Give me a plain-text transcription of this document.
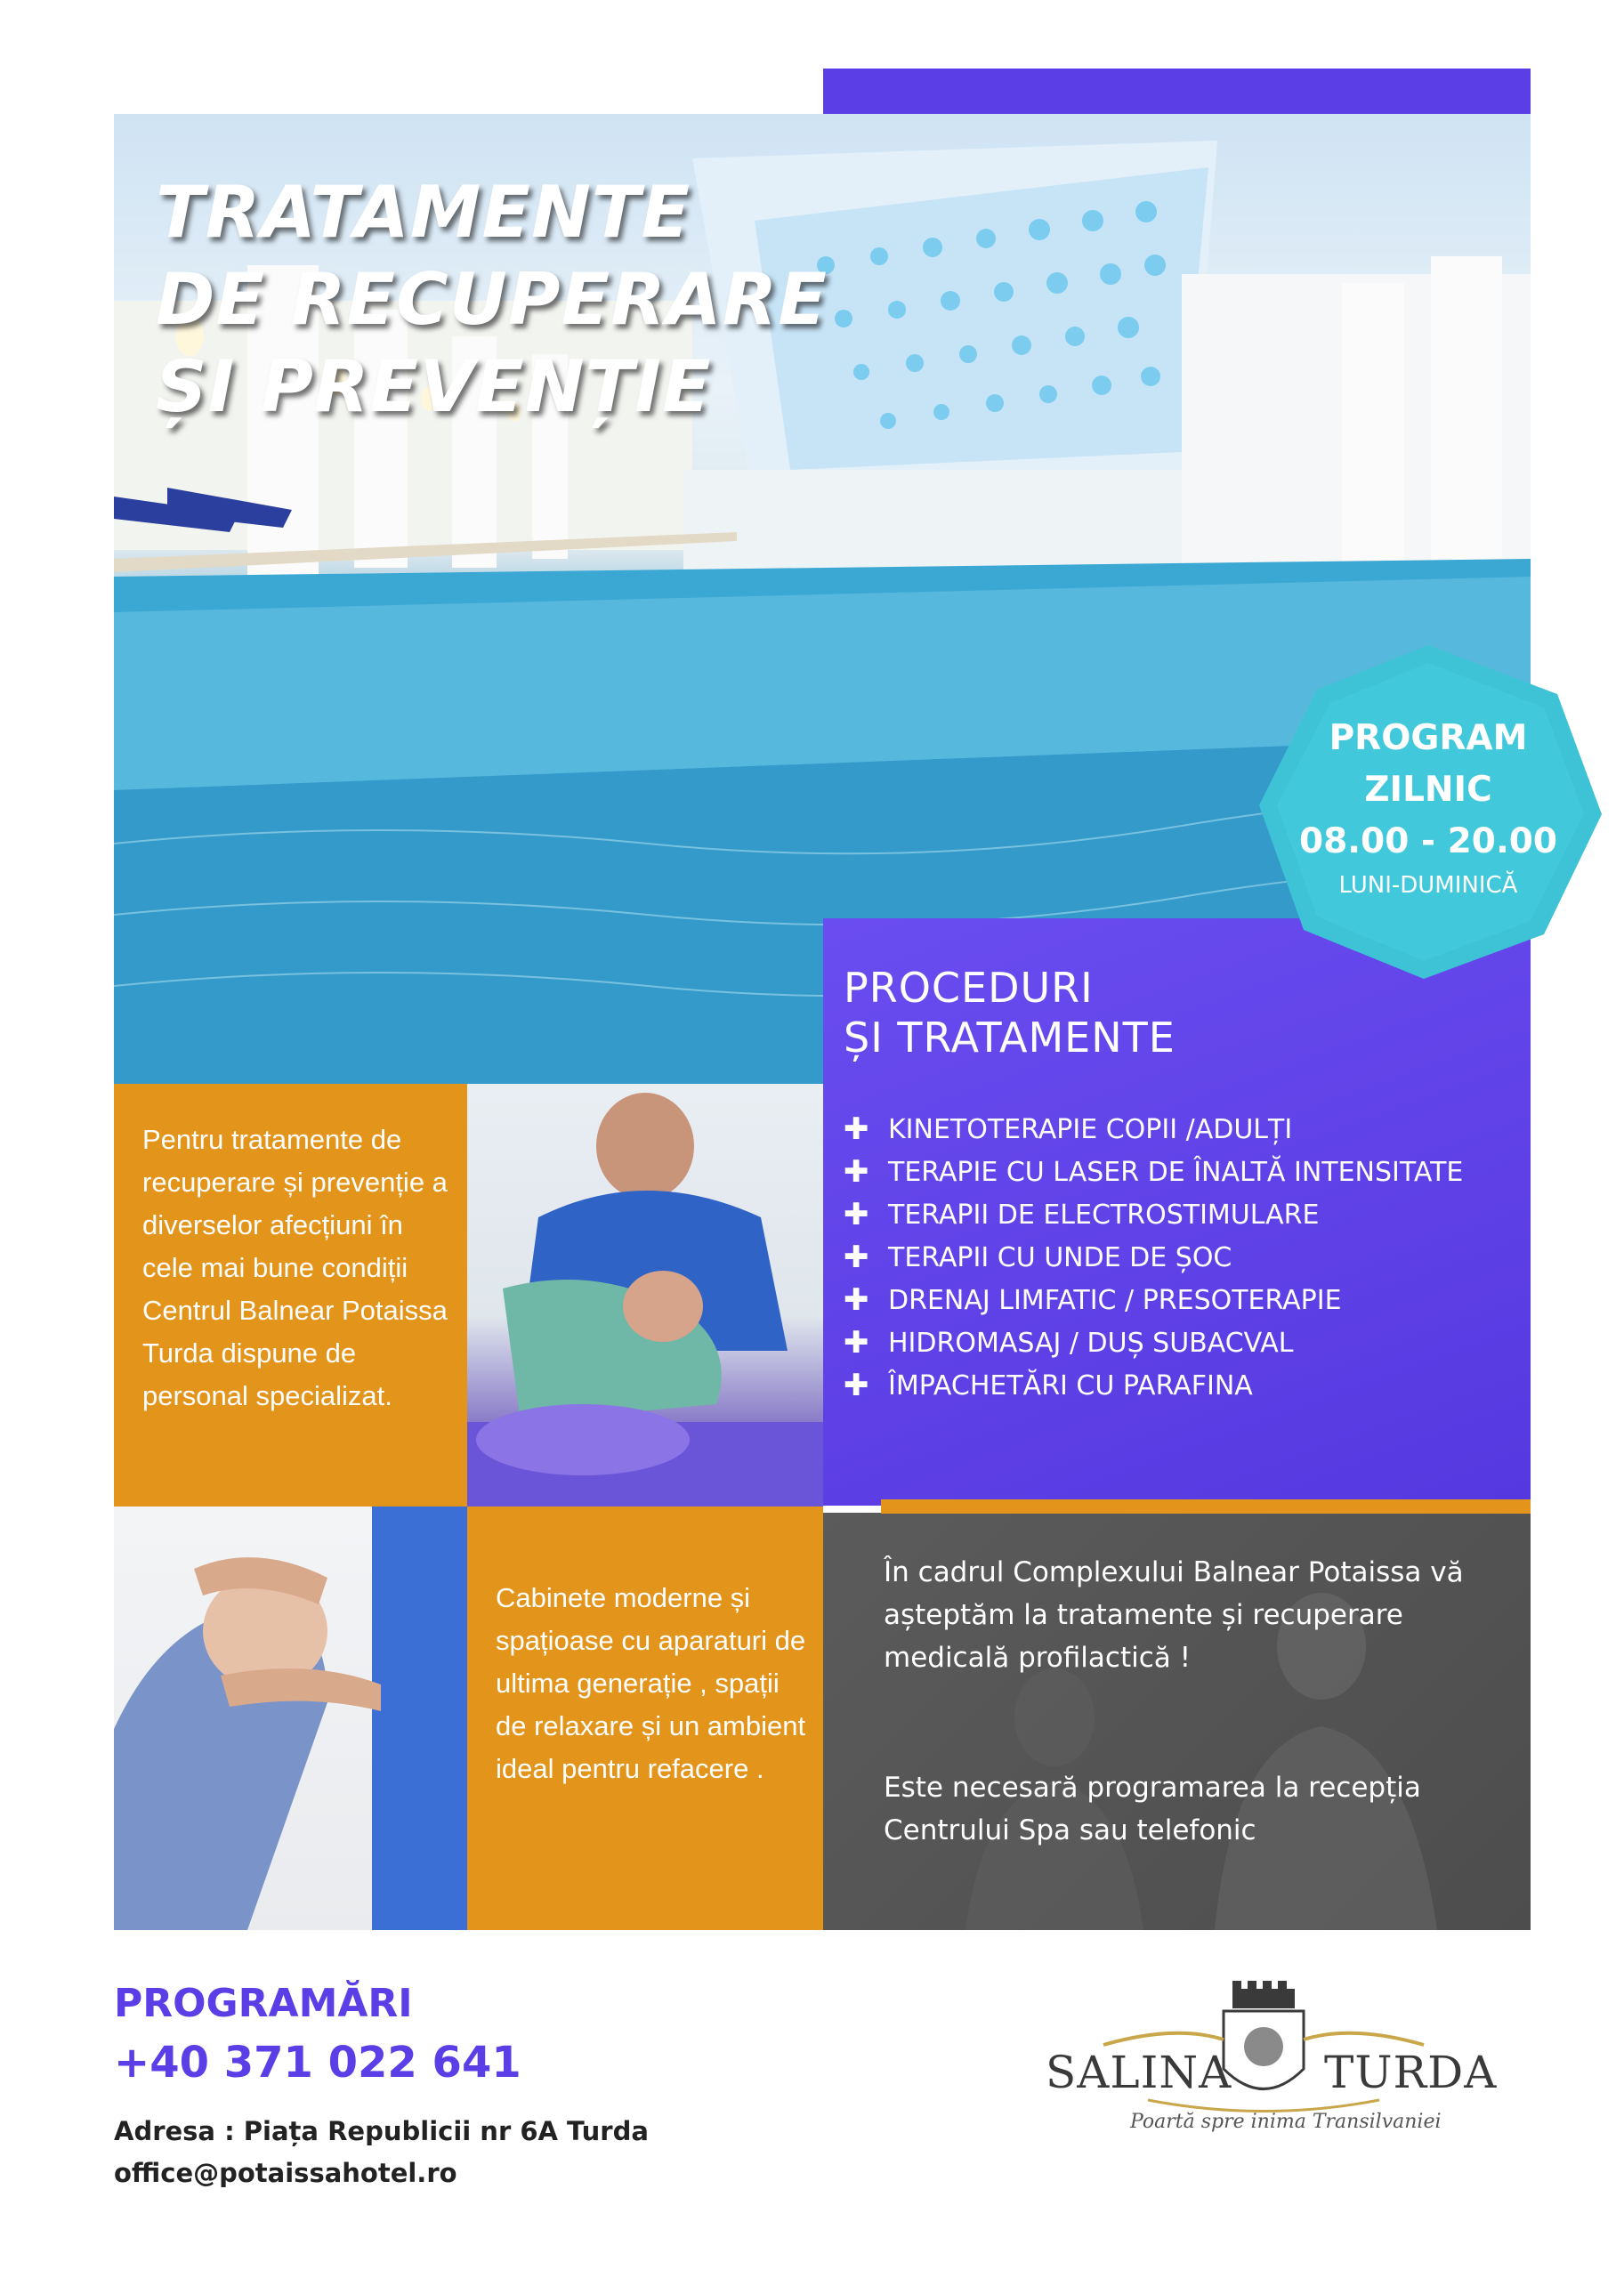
TRATAMENTE
DE RECUPERARE
ȘI PREVENȚIE
PROCEDURI
ȘI TRATAMENTE
✚ KINETOTERAPIE COPII /ADULȚI
✚ TERAPIE CU LASER DE ÎNALTĂ INTENSITATE
✚ TERAPII DE ELECTROSTIMULARE
✚ TERAPII CU UNDE DE ȘOC
✚ DRENAJ LIMFATIC / PRESOTERAPIE
✚ HIDROMASAJ / DUȘ SUBACVAL
✚ ÎMPACHETĂRI CU PARAFINA
PROGRAM
ZILNIC
08.00 - 20.00
LUNI-DUMINICĂ

Pentru tratamente de recuperare și prevenție a diverselor afecțiuni în cele mai bune condiții Centrul Balnear Potaissa Turda dispune de personal specializat.

Cabinete moderne și spațioase cu aparaturi de ultima generație , spații de relaxare și un ambient ideal pentru refacere .

În cadrul Complexului Balnear Potaissa vă așteptăm la tratamente și recuperare medicală profilactică !

Este necesară programarea la recepția Centrului Spa sau telefonic

PROGRAMĂRI
+40 371 022 641

Adresa : Piața Republicii nr 6A Turda

office@potaissahotel.ro

SALINA TURDA

Poartă spre inima Transilvaniei
